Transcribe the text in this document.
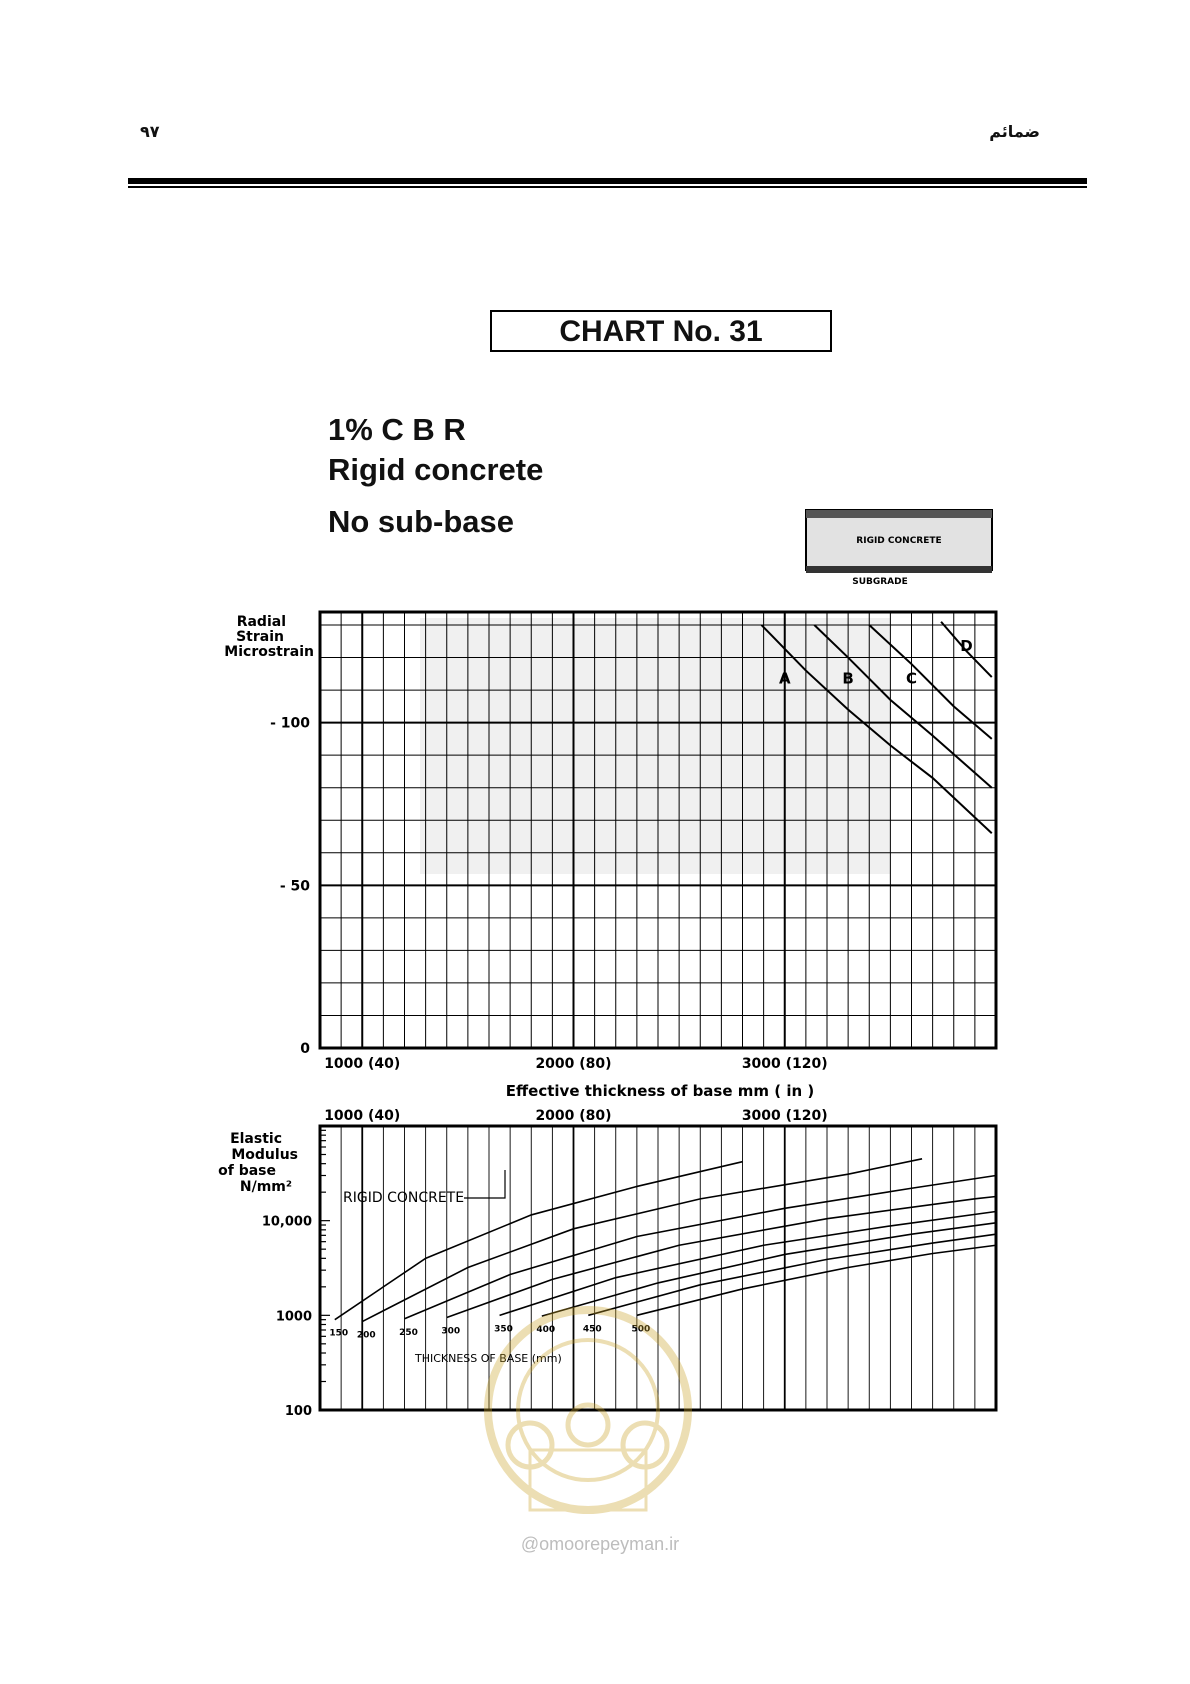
۹۷	ضمائم
CHART No. 31
1% C B R
Rigid concrete
No sub-base
RIGID CONCRETE
SUBGRADE
Radial
Strain
Microstrain
0
- 50
- 100
1000 (40)	2000 (80)	3000 (120)
A	B	C
D
Effective thickness of base mm ( in )
Elastic
Modulus
of base
N/mm²
100
1000
10,000
1000 (40)	2000 (80)	3000 (120)
150 200	250	300	350	400	450	500
RIGID CONCRETE
THICKNESS OF BASE (mm)
@omoorepeyman.ir
